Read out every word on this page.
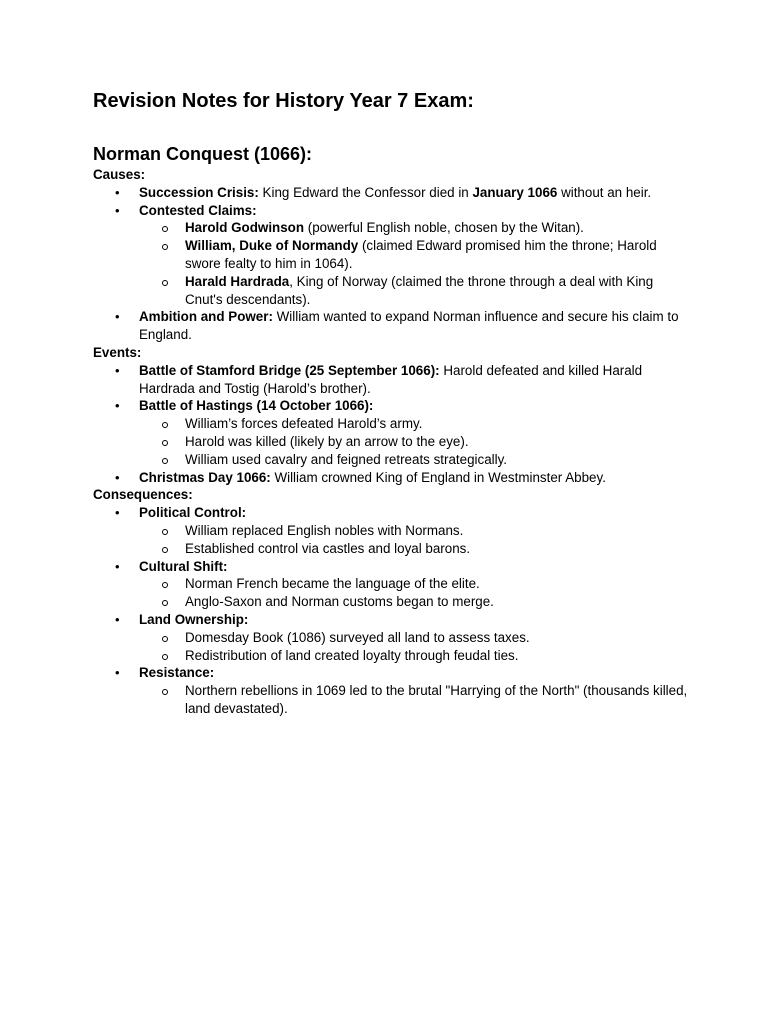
Revision Notes for History Year 7 Exam:
Norman Conquest (1066):
Causes:
• Succession Crisis: King Edward the Confessor died in January 1066 without an heir.
• Contested Claims:
Harold Godwinson (powerful English noble, chosen by the Witan).
William, Duke of Normandy (claimed Edward promised him the throne; Harold swore fealty to him in 1064).
Harald Hardrada, King of Norway (claimed the throne through a deal with King Cnut's descendants).
• Ambition and Power: William wanted to expand Norman influence and secure his claim to England.
Events:
• Battle of Stamford Bridge (25 September 1066): Harold defeated and killed Harald Hardrada and Tostig (Harold’s brother).
• Battle of Hastings (14 October 1066):
William’s forces defeated Harold’s army.
Harold was killed (likely by an arrow to the eye).
William used cavalry and feigned retreats strategically.
• Christmas Day 1066: William crowned King of England in Westminster Abbey.
Consequences:
• Political Control:
William replaced English nobles with Normans.
Established control via castles and loyal barons.
• Cultural Shift:
Norman French became the language of the elite.
Anglo-Saxon and Norman customs began to merge.
• Land Ownership:
Domesday Book (1086) surveyed all land to assess taxes.
Redistribution of land created loyalty through feudal ties.
• Resistance:
Northern rebellions in 1069 led to the brutal "Harrying of the North" (thousands killed, land devastated).
